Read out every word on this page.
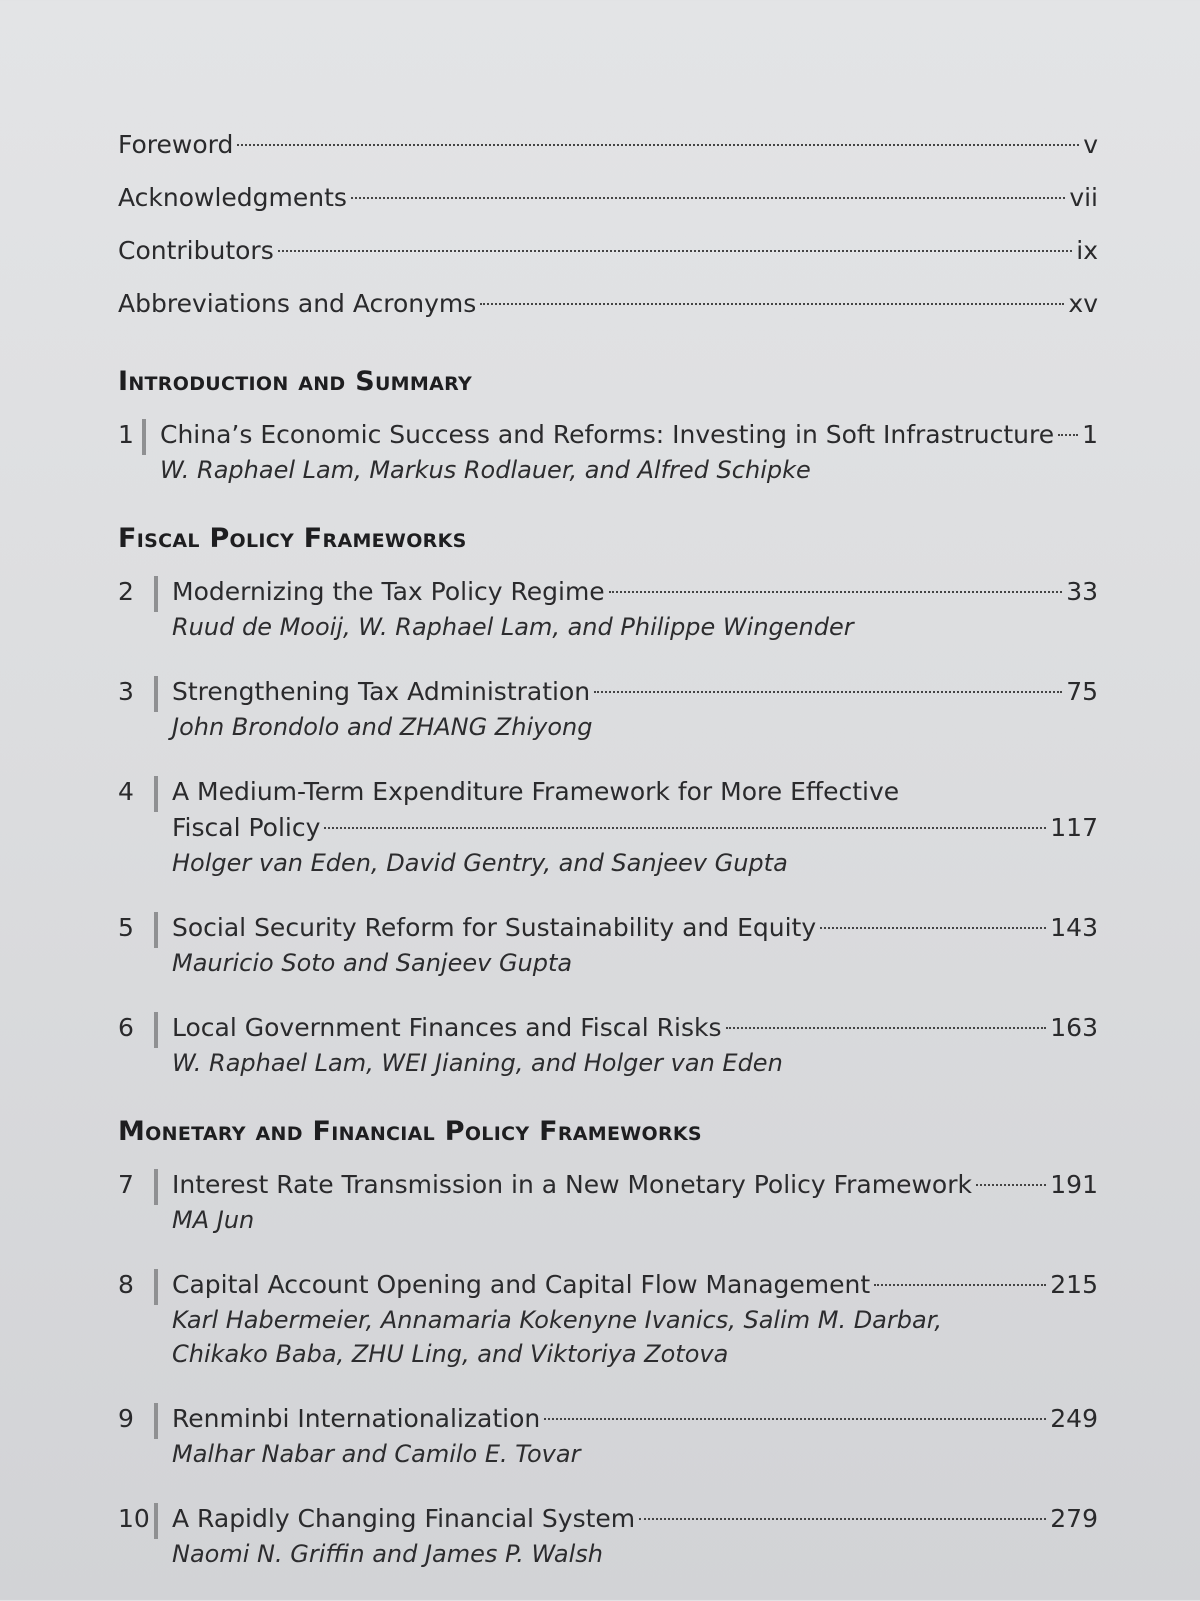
Foreword	v
Acknowledgments	vii
Contributors	ix
Abbreviations and Acronyms	xv
Introduction and Summary
1	China’s Economic Success and Reforms: Investing in Soft Infrastructure 1
W. Raphael Lam, Markus Rodlauer, and Alfred Schipke
Fiscal Policy Frameworks
2	Modernizing the Tax Policy Regime	33
Ruud de Mooij, W. Raphael Lam, and Philippe Wingender
3	Strengthening Tax Administration	75
John Brondolo and ZHANG Zhiyong
4	A Medium-Term Expenditure Framework for More Effective
Fiscal Policy	117
Holger van Eden, David Gentry, and Sanjeev Gupta
5	Social Security Reform for Sustainability and Equity	143
Mauricio Soto and Sanjeev Gupta
6	Local Government Finances and Fiscal Risks	163
W. Raphael Lam, WEI Jianing, and Holger van Eden
Monetary and Financial Policy Frameworks
7	Interest Rate Transmission in a New Monetary Policy Framework	191
MA Jun
8	Capital Account Opening and Capital Flow Management	215
Karl Habermeier, Annamaria Kokenyne Ivanics, Salim M. Darbar,
Chikako Baba, ZHU Ling, and Viktoriya Zotova
9	Renminbi Internationalization	249
Malhar Nabar and Camilo E. Tovar
10 A Rapidly Changing Financial System	279
Naomi N. Griffin and James P. Walsh
